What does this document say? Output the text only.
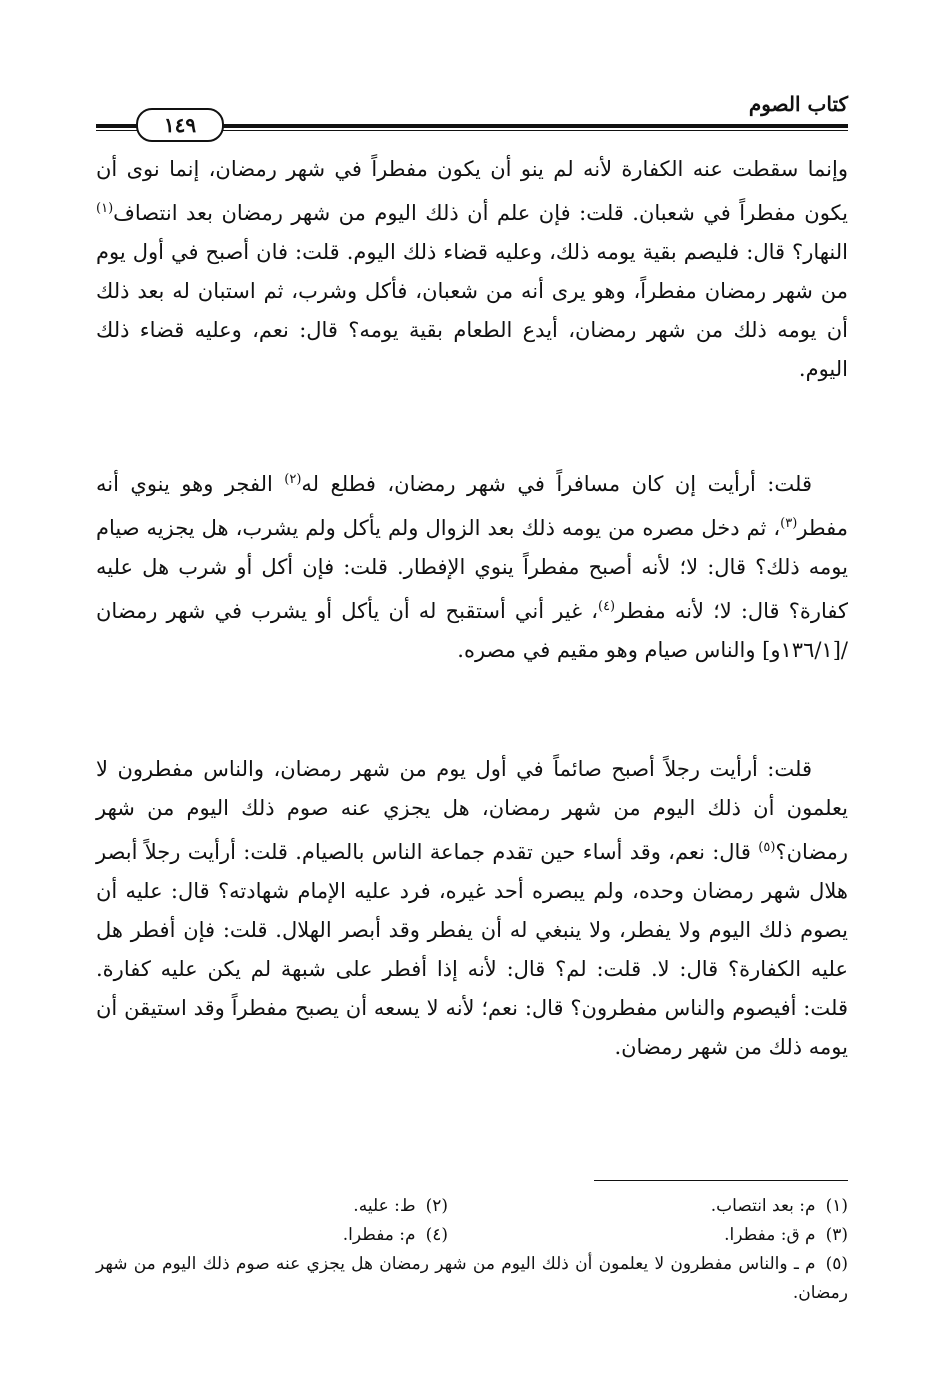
كتاب الصوم
١٤٩

وإنما سقطت عنه الكفارة لأنه لم ينو أن يكون مفطراً في شهر رمضان، إنما نوى أن يكون مفطراً في شعبان. قلت: فإن علم أن ذلك اليوم من شهر رمضان بعد انتصاف$^{(١)}$ النهار؟ قال: فليصم بقية يومه ذلك، وعليه قضاء ذلك اليوم. قلت: فان أصبح في أول يوم من شهر رمضان مفطراً، وهو يرى أنه من شعبان، فأكل وشرب، ثم استبان له بعد ذلك أن يومه ذلك من شهر رمضان، أيدع الطعام بقية يومه؟ قال: نعم، وعليه قضاء ذلك اليوم.

قلت: أرأيت إن كان مسافراً في شهر رمضان، فطلع له$^{(٢)}$ الفجر وهو ينوي أنه مفطر$^{(٣)}$، ثم دخل مصره من يومه ذلك بعد الزوال ولم يأكل ولم يشرب، هل يجزيه صيام يومه ذلك؟ قال: لا؛ لأنه أصبح مفطراً ينوي الإفطار. قلت: فإن أكل أو شرب هل عليه كفارة؟ قال: لا؛ لأنه مفطر$^{(٤)}$، غير أني أستقبح له أن يأكل أو يشرب في شهر رمضان /[١٣٦/١و] والناس صيام وهو مقيم في مصره.

قلت: أرأيت رجلاً أصبح صائماً في أول يوم من شهر رمضان، والناس مفطرون لا يعلمون أن ذلك اليوم من شهر رمضان، هل يجزي عنه صوم ذلك اليوم من شهر رمضان؟$^{(٥)}$ قال: نعم، وقد أساء حين تقدم جماعة الناس بالصيام. قلت: أرأيت رجلاً أبصر هلال شهر رمضان وحده، ولم يبصره أحد غيره، فرد عليه الإمام شهادته؟ قال: عليه أن يصوم ذلك اليوم ولا يفطر، ولا ينبغي له أن يفطر وقد أبصر الهلال. قلت: فإن أفطر هل عليه الكفارة؟ قال: لا. قلت: لم؟ قال: لأنه إذا أفطر على شبهة لم يكن عليه كفارة. قلت: أفيصوم والناس مفطرون؟ قال: نعم؛ لأنه لا يسعه أن يصبح مفطراً وقد استيقن أن يومه ذلك من شهر رمضان.

(١)م: بعد انتصاب.
(٢)ط: عليه.
(٣)م ق: مفطرا.
(٤)م: مفطرا.
(٥)م ـ والناس مفطرون لا يعلمون أن ذلك اليوم من شهر رمضان هل يجزي عنه صوم ذلك اليوم من شهر رمضان.
